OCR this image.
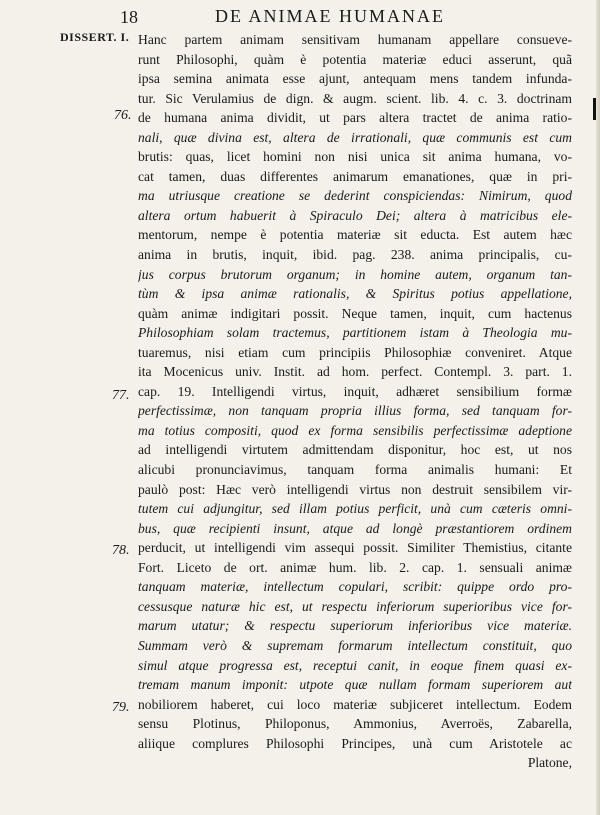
18	DE ANIMAE HUMANAE
DISSERT. I.
76.
77.
78.
79.
Hanc partem animam sensitivam humanam appellare consueve-
runt Philosophi, quàm è potentia materiæ educi asserunt, quã
ipsa semina animata esse ajunt, antequam mens tandem infunda-
tur. Sic Verulamius de dign. & augm. scient. lib. 4. c. 3. doctrinam
de humana anima dividit, ut pars altera tractet de anima ratio-
nali, quæ divina est, altera de irrationali, quæ communis est cum
brutis: quas, licet homini non nisi unica sit anima humana, vo-
cat tamen, duas differentes animarum emanationes, quæ in pri-
ma utriusque creatione se dederint conspiciendas: Nimirum, quod
altera ortum habuerit à Spiraculo Dei; altera à matricibus ele-
mentorum, nempe è potentia materiæ sit educta. Est autem hæc
anima in brutis, inquit, ibid. pag. 238. anima principalis, cu-
jus corpus brutorum organum; in homine autem, organum tan-
tùm & ipsa animæ rationalis, & Spiritus potius appellatione,
quàm animæ indigitari possit. Neque tamen, inquit, cum hactenus
Philosophiam solam tractemus, partitionem istam à Theologia mu-
tuaremus, nisi etiam cum principiis Philosophiæ conveniret. Atque
ita Mocenicus univ. Instit. ad hom. perfect. Contempl. 3. part. 1.
cap. 19. Intelligendi virtus, inquit, adhæret sensibilium formæ
perfectissimæ, non tanquam propria illius forma, sed tanquam for-
ma totius compositi, quod ex forma sensibilis perfectissimæ adeptione
ad intelligendi virtutem admittendam disponitur, hoc est, ut nos
alicubi pronunciavimus, tanquam forma animalis humani: Et
paulò post: Hæc verò intelligendi virtus non destruit sensibilem vir-
tutem cui adjungitur, sed illam potius perficit, unà cum cæteris omni-
bus, quæ recipienti insunt, atque ad longè præstantiorem ordinem
perducit, ut intelligendi vim assequi possit. Similiter Themistius, citante
Fort. Liceto de ort. animæ hum. lib. 2. cap. 1. sensuali animæ
tanquam materiæ, intellectum copulari, scribit: quippe ordo pro-
cessusque naturæ hic est, ut respectu inferiorum superioribus vice for-
marum utatur; & respectu superiorum inferioribus vice materiæ.
Summam verò & supremam formarum intellectum constituit, quo
simul atque progressa est, receptui canit, in eoque finem quasi ex-
tremam manum imponit: utpote quæ nullam formam superiorem aut
nobiliorem haberet, cui loco materiæ subjiceret intellectum. Eodem
sensu Plotinus, Philoponus, Ammonius, Averroës, Zabarella,
aliique complures Philosophi Principes, unà cum Aristotele ac
Platone,
